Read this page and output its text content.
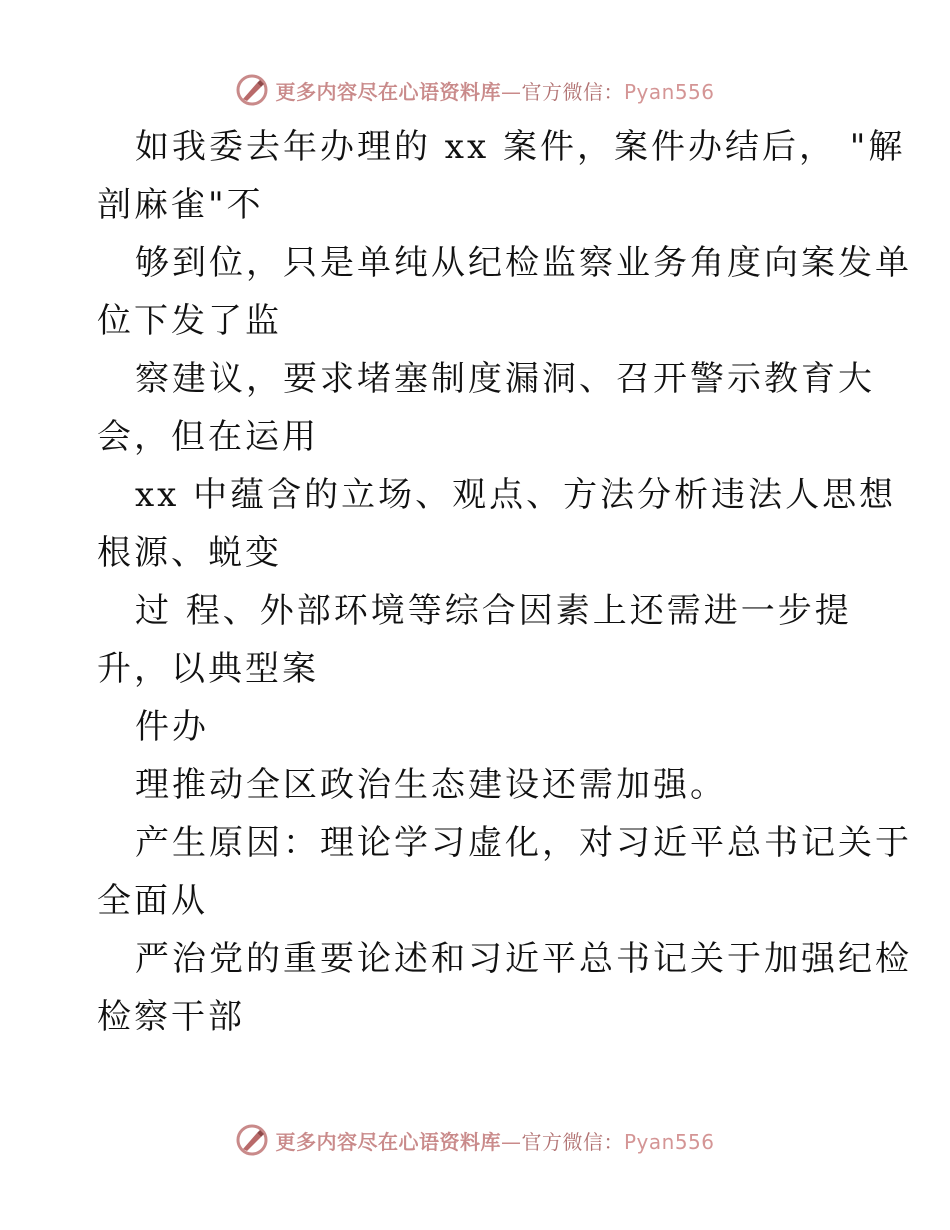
更多内容尽在心语资料库—官方微信：Pyan556
如我委去年办理的 xx 案件，案件办结后， "解
剖麻雀"不
够到位，只是单纯从纪检监察业务角度向案发单
位下发了监
察建议，要求堵塞制度漏洞、召开警示教育大
会，但在运用
xx 中蕴含的立场、观点、方法分析违法人思想
根源、蜕变
过 程、外部环境等综合因素上还需进一步提
升，以典型案
件办
理推动全区政治生态建设还需加强。
产生原因：理论学习虚化，对习近平总书记关于
全面从
严治党的重要论述和习近平总书记关于加强纪检
检察干部
更多内容尽在心语资料库—官方微信：Pyan556
